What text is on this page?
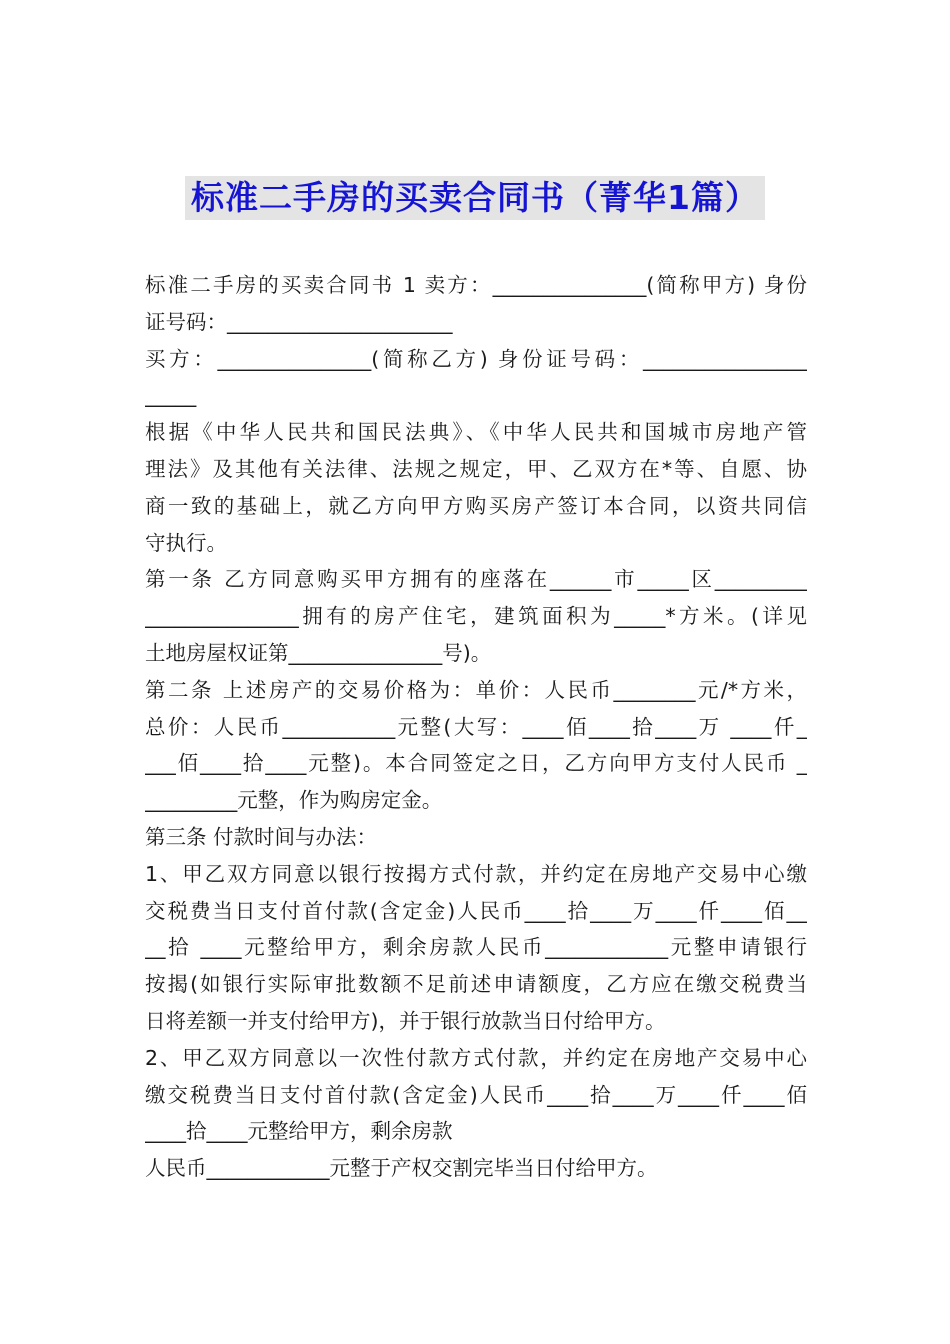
标准二手房的买卖合同书（菁华1篇）
标准二手房的买卖合同书 1 卖方：_______________(简称甲方) 身份
证号码：______________________
买方：_______________(简称乙方) 身份证号码：________________
_____
根据《中华人民共和国民法典》、《中华人民共和国城市房地产管
理法》及其他有关法律、法规之规定，甲、乙双方在*等、自愿、协
商一致的基础上，就乙方向甲方购买房产签订本合同，以资共同信
守执行。
第一条 乙方同意购买甲方拥有的座落在______市_____区_________
_______________拥有的房产住宅，建筑面积为_____*方米。(详见
土地房屋权证第_______________号)。
第二条 上述房产的交易价格为：单价：人民币________元/*方米，
总价：人民币___________元整(大写：____佰____拾____万 ____仟_
___佰____拾____元整)。本合同签定之日，乙方向甲方支付人民币 _
_________元整，作为购房定金。
第三条 付款时间与办法：
1、甲乙双方同意以银行按揭方式付款，并约定在房地产交易中心缴
交税费当日支付首付款(含定金)人民币____拾____万____仟____佰__
__拾 ____元整给甲方，剩余房款人民币____________元整申请银行
按揭(如银行实际审批数额不足前述申请额度，乙方应在缴交税费当
日将差额一并支付给甲方)，并于银行放款当日付给甲方。
2、甲乙双方同意以一次性付款方式付款，并约定在房地产交易中心
缴交税费当日支付首付款(含定金)人民币____拾____万____仟____佰
____拾____元整给甲方，剩余房款
人民币____________元整于产权交割完毕当日付给甲方。
